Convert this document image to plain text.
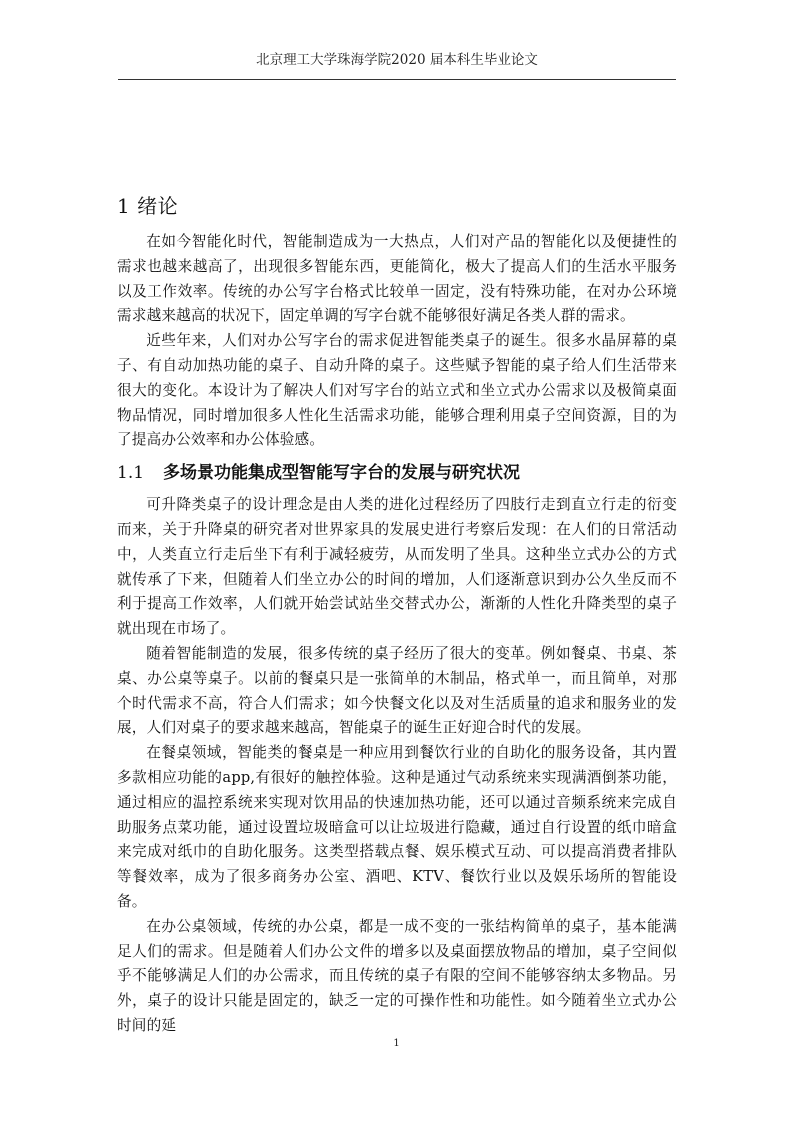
北京理工大学珠海学院2020 届本科生毕业论文
1 绪论

在如今智能化时代，智能制造成为一大热点，人们对产品的智能化以及便捷性的需求也越来越高了，出现很多智能东西，更能简化，极大了提高人们的生活水平服务以及工作效率。传统的办公写字台格式比较单一固定，没有特殊功能，在对办公环境需求越来越高的状况下，固定单调的写字台就不能够很好满足各类人群的需求。

近些年来，人们对办公写字台的需求促进智能类桌子的诞生。很多水晶屏幕的桌子、有自动加热功能的桌子、自动升降的桌子。这些赋予智能的桌子给人们生活带来很大的变化。本设计为了解决人们对写字台的站立式和坐立式办公需求以及极简桌面物品情况，同时增加很多人性化生活需求功能，能够合理利用桌子空间资源，目的为了提高办公效率和办公体验感。

1.1 多场景功能集成型智能写字台的发展与研究状况

可升降类桌子的设计理念是由人类的进化过程经历了四肢行走到直立行走的衍变而来，关于升降桌的研究者对世界家具的发展史进行考察后发现：在人们的日常活动中，人类直立行走后坐下有利于减轻疲劳，从而发明了坐具。这种坐立式办公的方式就传承了下来，但随着人们坐立办公的时间的增加，人们逐渐意识到办公久坐反而不利于提高工作效率，人们就开始尝试站坐交替式办公，渐渐的人性化升降类型的桌子就出现在市场了。

随着智能制造的发展，很多传统的桌子经历了很大的变革。例如餐桌、书桌、茶桌、办公桌等桌子。以前的餐桌只是一张简单的木制品，格式单一，而且简单，对那个时代需求不高，符合人们需求；如今快餐文化以及对生活质量的追求和服务业的发展，人们对桌子的要求越来越高，智能桌子的诞生正好迎合时代的发展。

在餐桌领域，智能类的餐桌是一种应用到餐饮行业的自助化的服务设备，其内置多款相应功能的app,有很好的触控体验。这种是通过气动系统来实现满酒倒茶功能，通过相应的温控系统来实现对饮用品的快速加热功能，还可以通过音频系统来完成自助服务点菜功能，通过设置垃圾暗盒可以让垃圾进行隐藏，通过自行设置的纸巾暗盒来完成对纸巾的自助化服务。这类型搭载点餐、娱乐模式互动、可以提高消费者排队等餐效率，成为了很多商务办公室、酒吧、KTV、餐饮行业以及娱乐场所的智能设备。

在办公桌领域，传统的办公桌，都是一成不变的一张结构简单的桌子，基本能满足人们的需求。但是随着人们办公文件的增多以及桌面摆放物品的增加，桌子空间似乎不能够满足人们的办公需求，而且传统的桌子有限的空间不能够容纳太多物品。另外，桌子的设计只能是固定的，缺乏一定的可操作性和功能性。如今随着坐立式办公时间的延

1
